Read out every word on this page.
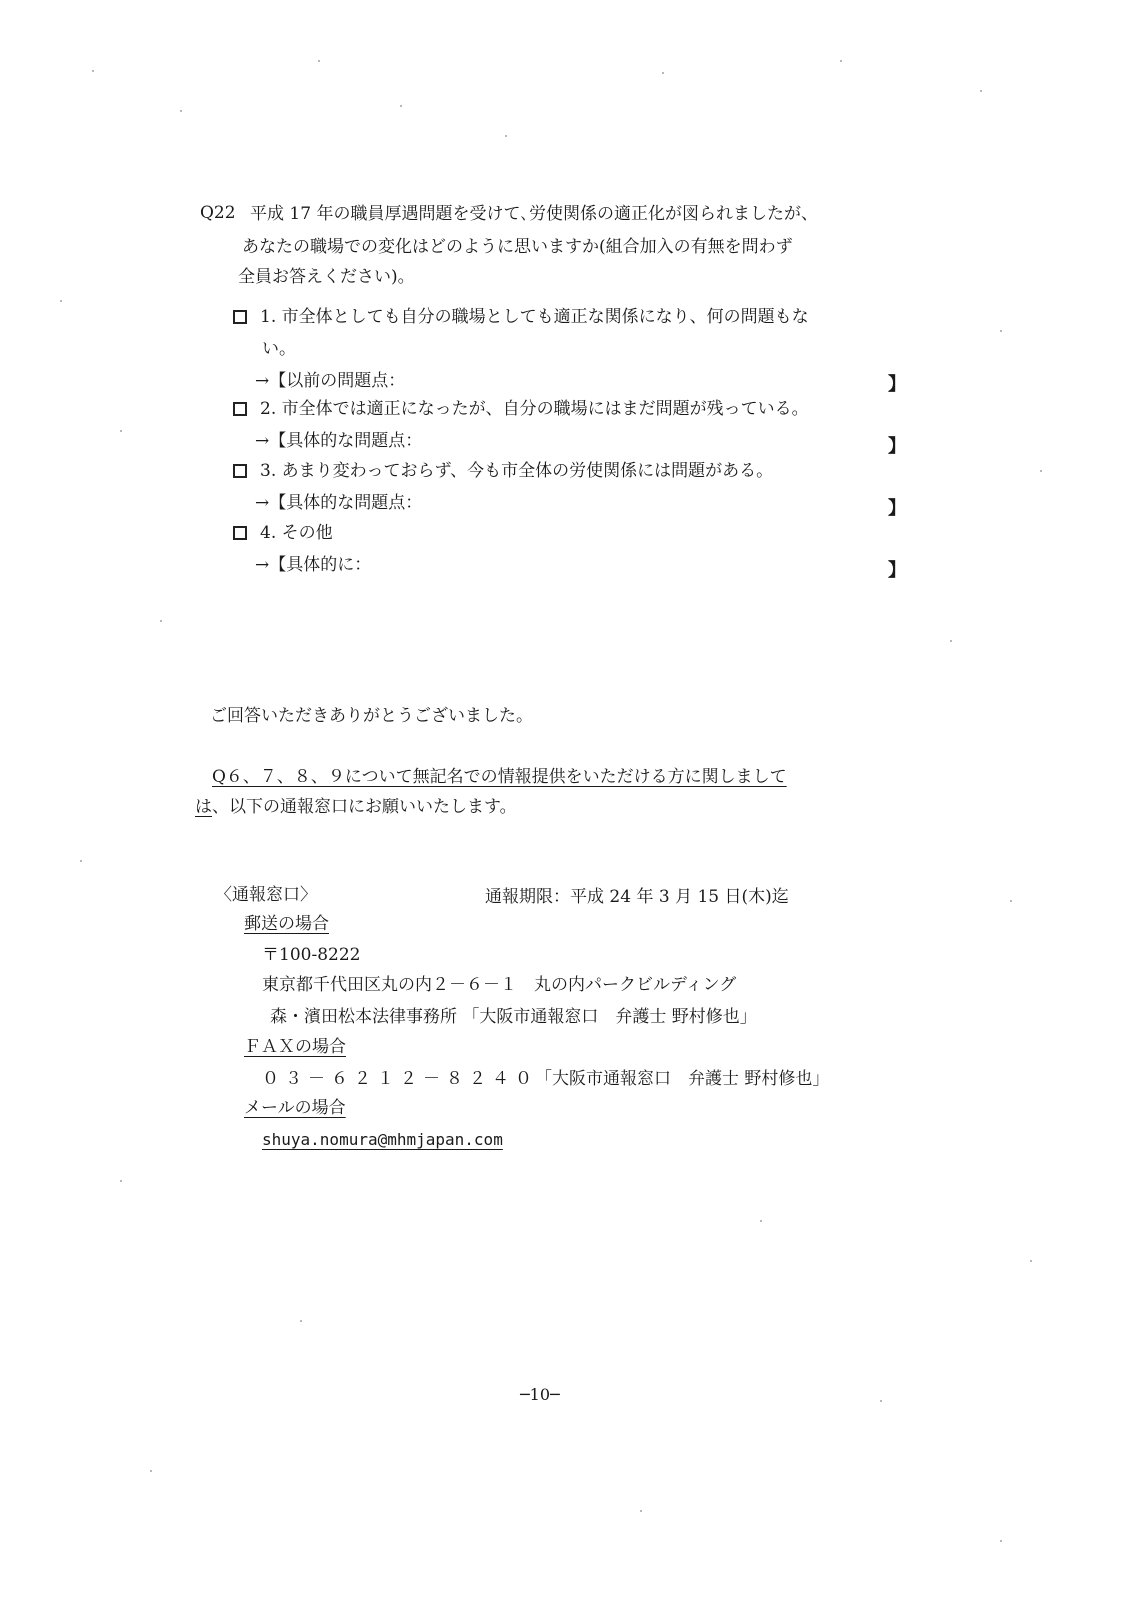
Q22 平成 17 年の職員厚遇問題を受けて､労使関係の適正化が図られましたが、
あなたの職場での変化はどのように思いますか(組合加入の有無を問わず
全員お答えください)｡
1. 市全体としても自分の職場としても適正な関係になり、何の問題もな
い。
→【以前の問題点：	】
2. 市全体では適正になったが、自分の職場にはまだ問題が残っている。
→【具体的な問題点：	】
3. あまり変わっておらず、今も市全体の労使関係には問題がある。
→【具体的な問題点：	】
4. その他
→【具体的に：	】
ご回答いただきありがとうございました。
Q６、７、８、９について無記名での情報提供をいただける方に関しまして
は、以下の通報窓口にお願いいたします。
〈通報窓口〉	通報期限：平成 24 年 3 月 15 日(木)迄
郵送の場合
〒100-8222
東京都千代田区丸の内２－６－１　丸の内パークビルディング
森・濱田松本法律事務所 「大阪市通報窓口　弁護士 野村修也」
ＦＡＸの場合
０３－６２１２－８２４０
「大阪市通報窓口　弁護士 野村修也」
メールの場合
shuya.nomura@mhmjapan.com
─10─
